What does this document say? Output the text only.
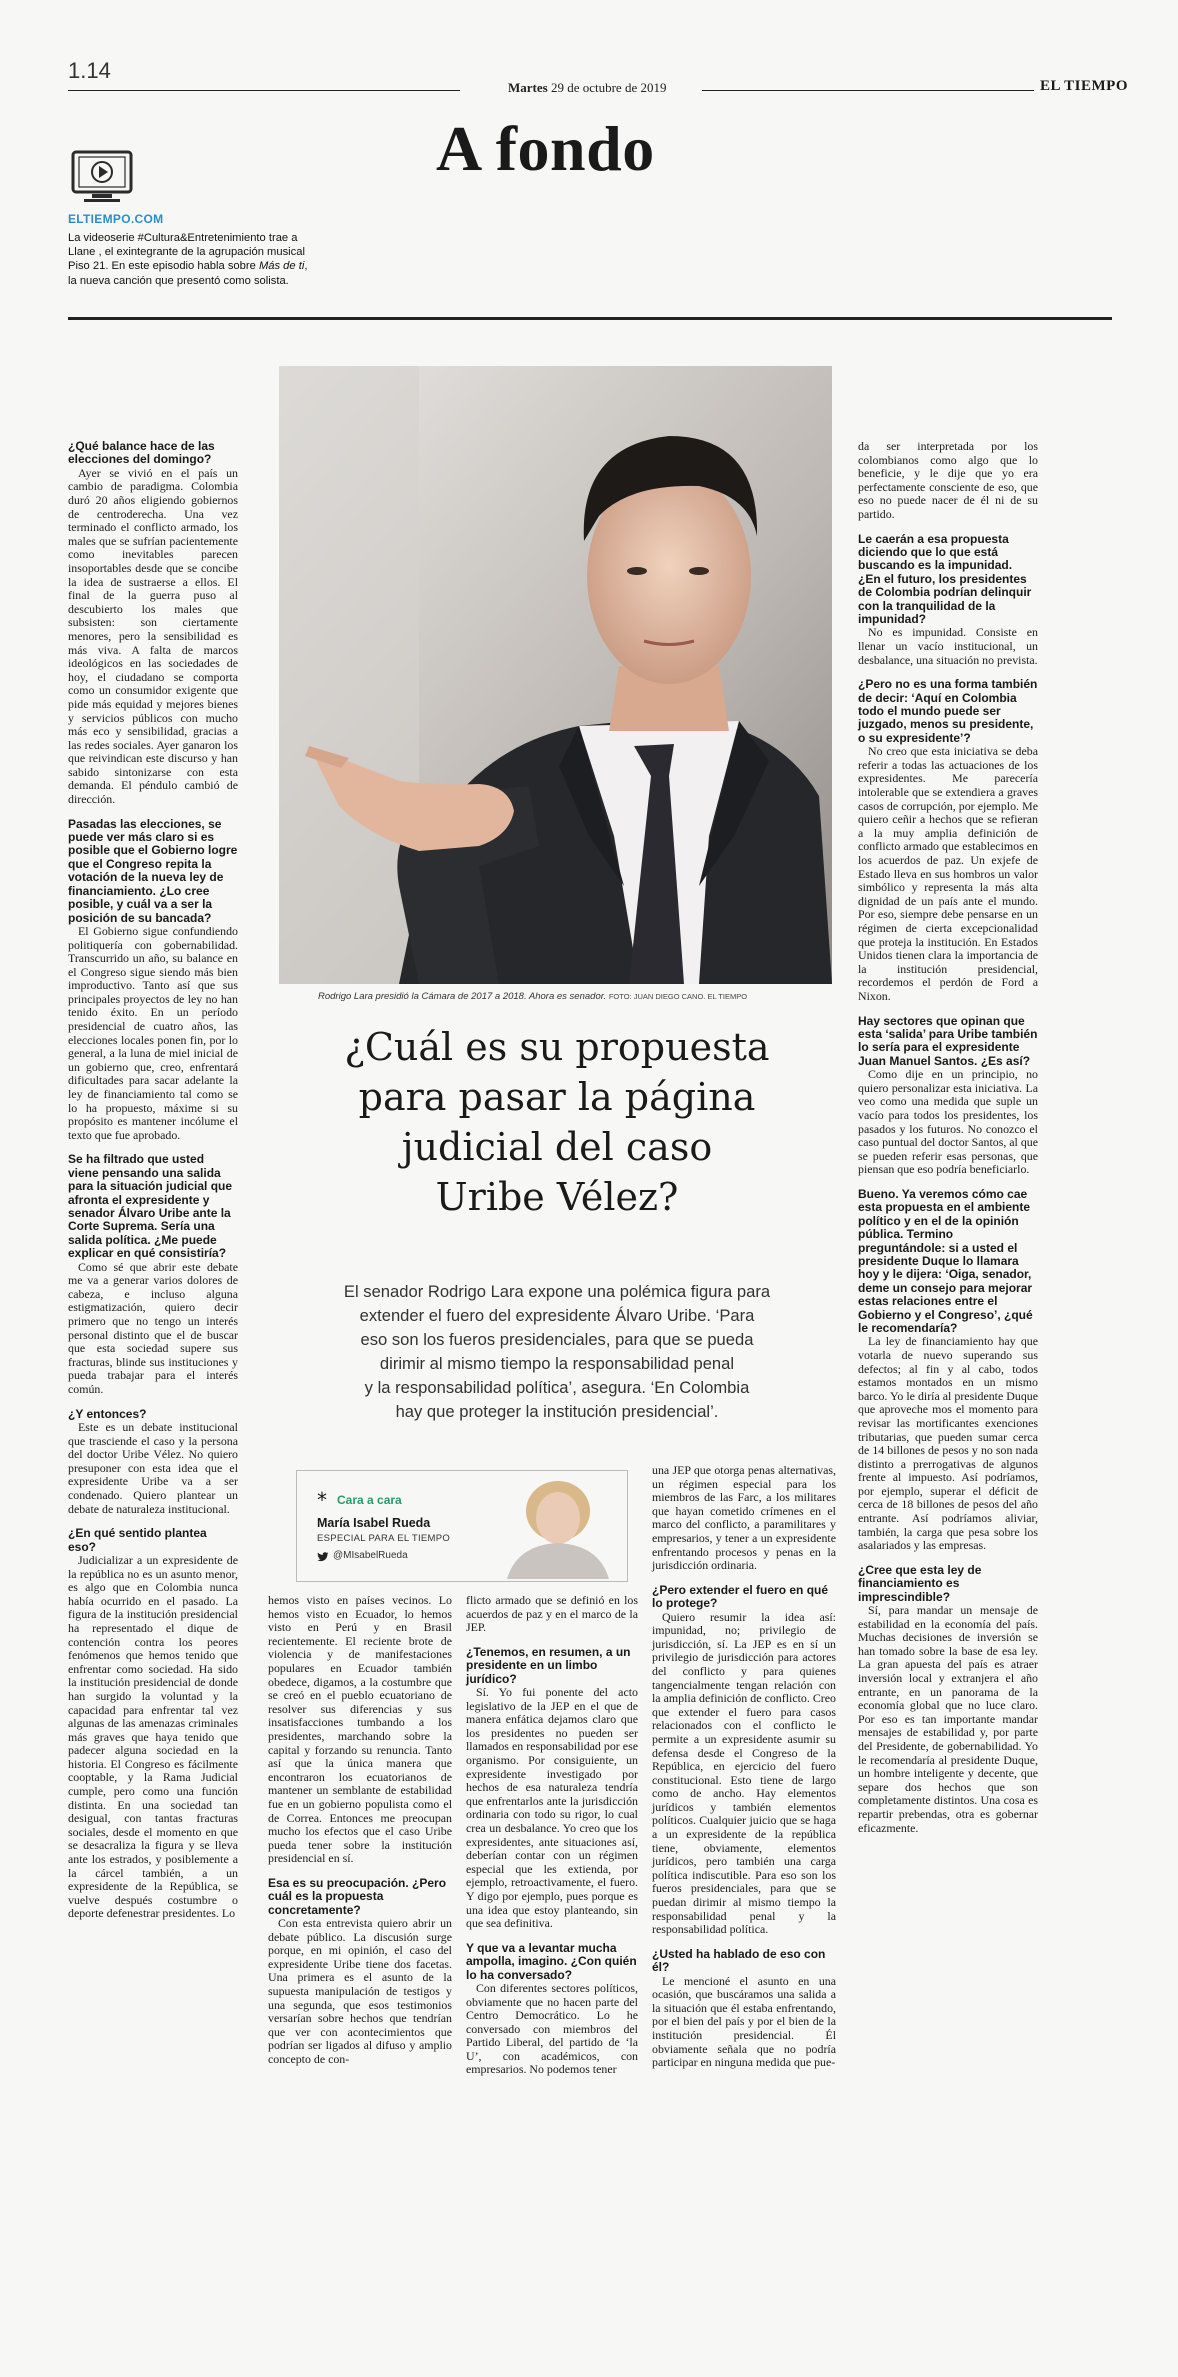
1.14
Martes 29 de octubre de 2019	EL TIEMPO
A fondo
ELTIEMPO.COM
La videoserie #Cultura&Entretenimiento trae a
Llane , el exintegrante de la agrupación musical
Piso 21. En este episodio habla sobre Más de ti,
la nueva canción que presentó como solista.
Rodrigo Lara presidió la Cámara de 2017 a 2018. Ahora es senador. FOTO: JUAN DIEGO CANO. EL TIEMPO
¿Cuál es su propuesta
para pasar la página
judicial del caso
Uribe Vélez?
El senador Rodrigo Lara expone una polémica figura para
extender el fuero del expresidente Álvaro Uribe. ‘Para
eso son los fueros presidenciales, para que se pueda
dirimir al mismo tiempo la responsabilidad penal
y la responsabilidad política’, asegura. ‘En Colombia
hay que proteger la institución presidencial’.
* Cara a cara
María Isabel Rueda
ESPECIAL PARA EL TIEMPO
@MIsabelRueda

¿Qué balance hace de las elecciones del domingo?

Ayer se vivió en el país un cambio de paradigma. Colombia duró 20 años eligiendo gobiernos de centroderecha. Una vez terminado el conflicto armado, los males que se sufrían pacientemente como inevitables parecen insoportables desde que se concibe la idea de sustraerse a ellos. El final de la guerra puso al descubierto los males que subsisten: son ciertamente menores, pero la sensibilidad es más viva. A falta de marcos ideológicos en las sociedades de hoy, el ciudadano se comporta como un consumidor exigente que pide más equidad y mejores bienes y servicios públicos con mucho más eco y sensibilidad, gracias a las redes sociales. Ayer ganaron los que reivindican este discurso y han sabido sintonizarse con esta demanda. El péndulo cambió de dirección.

Pasadas las elecciones, se puede ver más claro si es posible que el Gobierno logre que el Congreso repita la votación de la nueva ley de financiamiento. ¿Lo cree posible, y cuál va a ser la posición de su bancada?

El Gobierno sigue confundiendo politiquería con gobernabilidad. Transcurrido un año, su balance en el Congreso sigue siendo más bien improductivo. Tanto así que sus principales proyectos de ley no han tenido éxito. En un período presidencial de cuatro años, las elecciones locales ponen fin, por lo general, a la luna de miel inicial de un gobierno que, creo, enfrentará dificultades para sacar adelante la ley de financiamiento tal como se lo ha propuesto, máxime si su propósito es mantener incólume el texto que fue aprobado.

Se ha filtrado que usted viene pensando una salida para la situación judicial que afronta el expresidente y senador Álvaro Uribe ante la Corte Suprema. Sería una salida política. ¿Me puede explicar en qué consistiría?

Como sé que abrir este debate me va a generar varios dolores de cabeza, e incluso alguna estigmatización, quiero decir primero que no tengo un interés personal distinto que el de buscar que esta sociedad supere sus fracturas, blinde sus instituciones y pueda trabajar para el interés común.

¿Y entonces?

Este es un debate institucional que trasciende el caso y la persona del doctor Uribe Vélez. No quiero presuponer con esta idea que el expresidente Uribe va a ser condenado. Quiero plantear un debate de naturaleza institucional.

¿En qué sentido plantea eso?

Judicializar a un expresidente de la república no es un asunto menor, es algo que en Colombia nunca había ocurrido en el pasado. La figura de la institución presidencial ha representado el dique de contención contra los peores fenómenos que hemos tenido que enfrentar como sociedad. Ha sido la institución presidencial de donde han surgido la voluntad y la capacidad para enfrentar tal vez algunas de las amenazas criminales más graves que haya tenido que padecer alguna sociedad en la historia. El Congreso es fácilmente cooptable, y la Rama Judicial cumple, pero como una función distinta. En una sociedad tan desigual, con tantas fracturas sociales, desde el momento en que se desacraliza la figura y se lleva ante los estrados, y posiblemente a la cárcel también, a un expresidente de la República, se vuelve después costumbre o deporte defenestrar presidentes. Lo

hemos visto en países vecinos. Lo hemos visto en Ecuador, lo hemos visto en Perú y en Brasil recientemente. El reciente brote de violencia y de manifestaciones populares en Ecuador también obedece, digamos, a la costumbre que se creó en el pueblo ecuatoriano de resolver sus diferencias y sus insatisfacciones tumbando a los presidentes, marchando sobre la capital y forzando su renuncia. Tanto así que la única manera que encontraron los ecuatorianos de mantener un semblante de estabilidad fue en un gobierno populista como el de Correa. Entonces me preocupan mucho los efectos que el caso Uribe pueda tener sobre la institución presidencial en sí.

Esa es su preocupación. ¿Pero cuál es la propuesta concretamente?

Con esta entrevista quiero abrir un debate público. La discusión surge porque, en mi opinión, el caso del expresidente Uribe tiene dos facetas. Una primera es el asunto de la supuesta manipulación de testigos y una segunda, que esos testimonios versarían sobre hechos que tendrían que ver con acontecimientos que podrían ser ligados al difuso y amplio concepto de con-

flicto armado que se definió en los acuerdos de paz y en el marco de la JEP.

¿Tenemos, en resumen, a un presidente en un limbo jurídico?

Sí. Yo fui ponente del acto legislativo de la JEP en el que de manera enfática dejamos claro que los presidentes no pueden ser llamados en responsabilidad por ese organismo. Por consiguiente, un expresidente investigado por hechos de esa naturaleza tendría que enfrentarlos ante la jurisdicción ordinaria con todo su rigor, lo cual crea un desbalance. Yo creo que los expresidentes, ante situaciones así, deberían contar con un régimen especial que les extienda, por ejemplo, retroactivamente, el fuero. Y digo por ejemplo, pues porque es una idea que estoy planteando, sin que sea definitiva.

Y que va a levantar mucha ampolla, imagino. ¿Con quién lo ha conversado?

Con diferentes sectores políticos, obviamente que no hacen parte del Centro Democrático. Lo he conversado con miembros del Partido Liberal, del partido de ‘la U’, con académicos, con empresarios. No podemos tener

una JEP que otorga penas alternativas, un régimen especial para los miembros de las Farc, a los militares que hayan cometido crímenes en el marco del conflicto, a paramilitares y empresarios, y tener a un expresidente enfrentando procesos y penas en la jurisdicción ordinaria.

¿Pero extender el fuero en qué lo protege?

Quiero resumir la idea así: impunidad, no; privilegio de jurisdicción, sí. La JEP es en sí un privilegio de jurisdicción para actores del conflicto y para quienes tangencialmente tengan relación con la amplia definición de conflicto. Creo que extender el fuero para casos relacionados con el conflicto le permite a un expresidente asumir su defensa desde el Congreso de la República, en ejercicio del fuero constitucional. Esto tiene de largo como de ancho. Hay elementos jurídicos y también elementos políticos. Cualquier juicio que se haga a un expresidente de la república tiene, obviamente, elementos jurídicos, pero también una carga política indiscutible. Para eso son los fueros presidenciales, para que se puedan dirimir al mismo tiempo la responsabilidad penal y la responsabilidad política.

¿Usted ha hablado de eso con él?

Le mencioné el asunto en una ocasión, que buscáramos una salida a la situación que él estaba enfrentando, por el bien del país y por el bien de la institución presidencial. Él obviamente señala que no podría participar en ninguna medida que pue-

da ser interpretada por los colombianos como algo que lo beneficie, y le dije que yo era perfectamente consciente de eso, que eso no puede nacer de él ni de su partido.

Le caerán a esa propuesta diciendo que lo que está buscando es la impunidad. ¿En el futuro, los presidentes de Colombia podrían delinquir con la tranquilidad de la impunidad?

No es impunidad. Consiste en llenar un vacío institucional, un desbalance, una situación no prevista.

¿Pero no es una forma también de decir: ‘Aquí en Colombia todo el mundo puede ser juzgado, menos su presidente, o su expresidente’?

No creo que esta iniciativa se deba referir a todas las actuaciones de los expresidentes. Me parecería intolerable que se extendiera a graves casos de corrupción, por ejemplo. Me quiero ceñir a hechos que se refieran a la muy amplia definición de conflicto armado que establecimos en los acuerdos de paz. Un exjefe de Estado lleva en sus hombros un valor simbólico y representa la más alta dignidad de un país ante el mundo. Por eso, siempre debe pensarse en un régimen de cierta excepcionalidad que proteja la institución. En Estados Unidos tienen clara la importancia de la institución presidencial, recordemos el perdón de Ford a Nixon.

Hay sectores que opinan que esta ‘salida’ para Uribe también lo sería para el expresidente Juan Manuel Santos. ¿Es así?

Como dije en un principio, no quiero personalizar esta iniciativa. La veo como una medida que suple un vacío para todos los presidentes, los pasados y los futuros. No conozco el caso puntual del doctor Santos, al que se pueden referir esas personas, que piensan que eso podría beneficiarlo.

Bueno. Ya veremos cómo cae esta propuesta en el ambiente político y en el de la opinión pública. Termino preguntándole: si a usted el presidente Duque lo llamara hoy y le dijera: ‘Oiga, senador, deme un consejo para mejorar estas relaciones entre el Gobierno y el Congreso’, ¿qué le recomendaría?

La ley de financiamiento hay que votarla de nuevo superando sus defectos; al fin y al cabo, todos estamos montados en un mismo barco. Yo le diría al presidente Duque que aproveche mos el momento para revisar las mortificantes exenciones tributarias, que pueden sumar cerca de 14 billones de pesos y no son nada distinto a prerrogativas de algunos frente al impuesto. Así podríamos, por ejemplo, superar el déficit de cerca de 18 billones de pesos del año entrante. Así podríamos aliviar, también, la carga que pesa sobre los asalariados y las empresas.

¿Cree que esta ley de financiamiento es imprescindible?

Sí, para mandar un mensaje de estabilidad en la economía del país. Muchas decisiones de inversión se han tomado sobre la base de esa ley. La gran apuesta del país es atraer inversión local y extranjera el año entrante, en un panorama de la economía global que no luce claro. Por eso es tan importante mandar mensajes de estabilidad y, por parte del Presidente, de gobernabilidad. Yo le recomendaría al presidente Duque, un hombre inteligente y decente, que separe dos hechos que son completamente distintos. Una cosa es repartir prebendas, otra es gobernar eficazmente.
